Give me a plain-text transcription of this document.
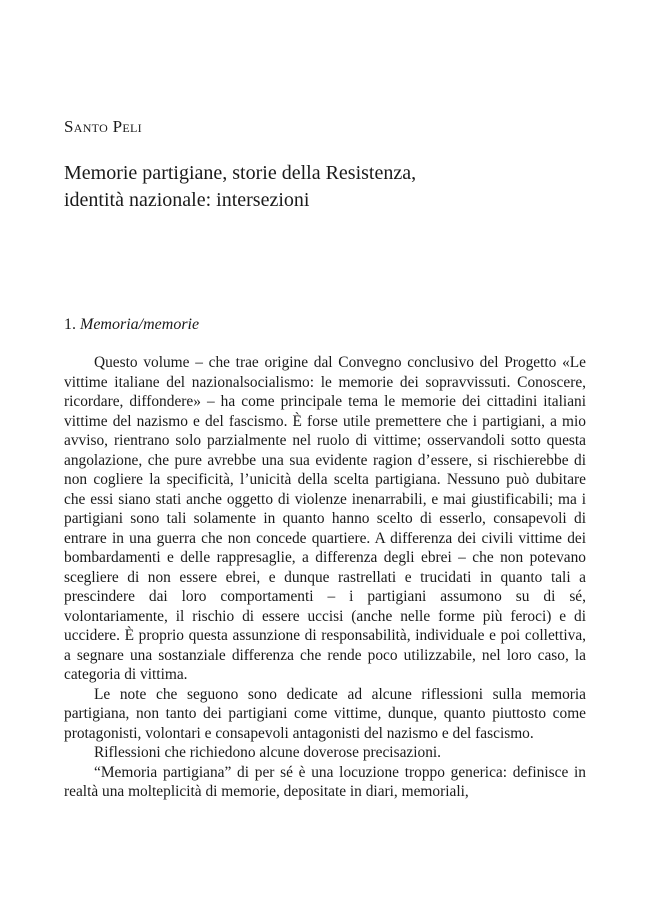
Santo Peli
Memorie partigiane, storie della Resistenza,
identità nazionale: intersezioni
1. Memoria/memorie

Questo volume – che trae origine dal Convegno conclusivo del Progetto «Le vittime italiane del nazionalsocialismo: le memorie dei sopravvissuti. Conoscere, ricordare, diffondere» – ha come principale tema le memorie dei cittadini italiani vittime del nazismo e del fascismo. È forse utile premettere che i partigiani, a mio avviso, rientrano solo parzialmente nel ruolo di vittime; osservandoli sotto questa angolazione, che pure avrebbe una sua evidente ragion d’essere, si rischierebbe di non cogliere la specificità, l’unicità della scelta partigiana. Nessuno può dubitare che essi siano stati anche oggetto di violenze inenarrabili, e mai giustificabili; ma i partigiani sono tali solamente in quanto hanno scelto di esserlo, consapevoli di entrare in una guerra che non concede quartiere. A differenza dei civili vittime dei bombardamenti e delle rappresaglie, a differenza degli ebrei – che non potevano scegliere di non essere ebrei, e dunque rastrellati e trucidati in quanto tali a prescindere dai loro comportamenti – i partigiani assumono su di sé, volontariamente, il rischio di essere uccisi (anche nelle forme più feroci) e di uccidere. È proprio questa assunzione di responsabilità, individuale e poi collettiva, a segnare una sostanziale differenza che rende poco utilizzabile, nel loro caso, la categoria di vittima.

Le note che seguono sono dedicate ad alcune riflessioni sulla memoria partigiana, non tanto dei partigiani come vittime, dunque, quanto piuttosto come protagonisti, volontari e consapevoli antagonisti del nazismo e del fascismo.

Riflessioni che richiedono alcune doverose precisazioni.

“Memoria partigiana” di per sé è una locuzione troppo generica: definisce in realtà una molteplicità di memorie, depositate in diari, memoriali,
